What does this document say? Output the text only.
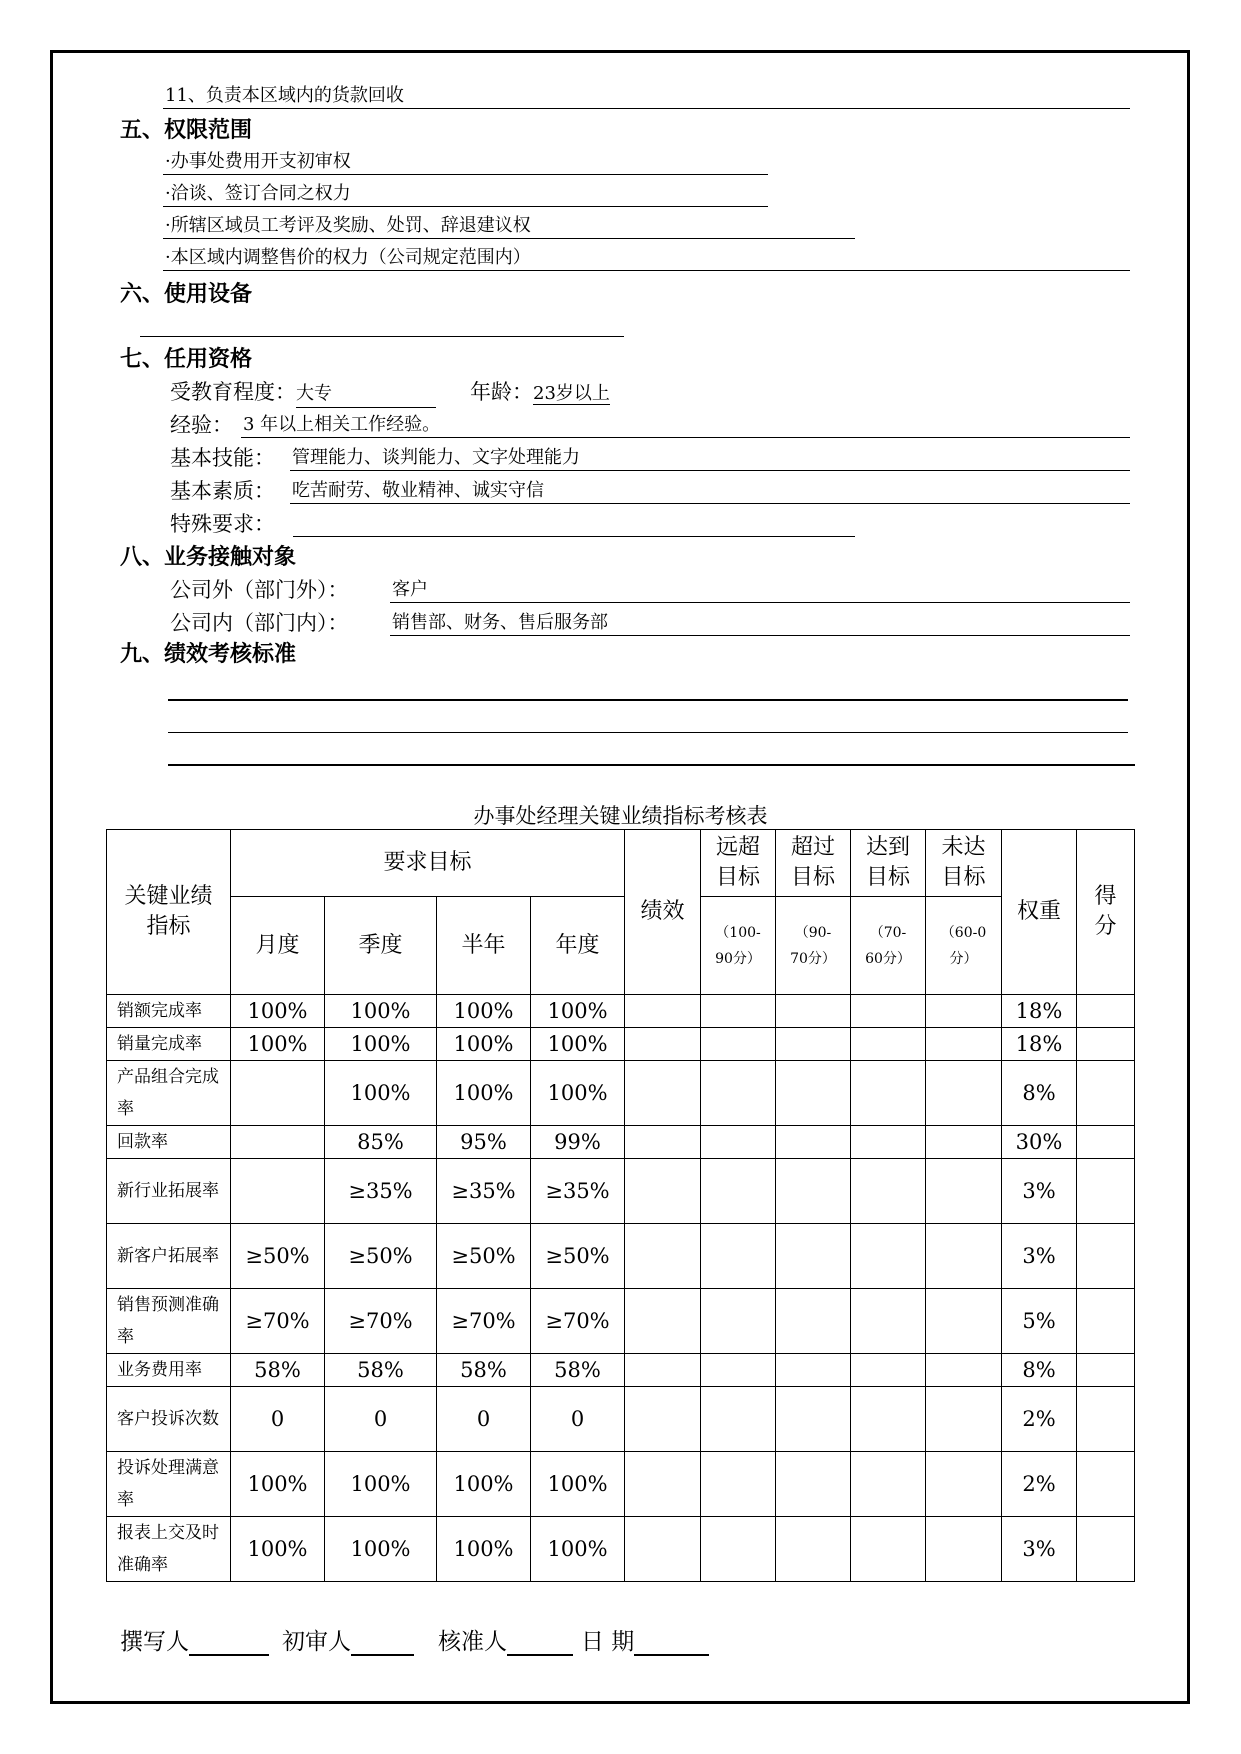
11、负责本区域内的货款回收
五、权限范围
·办事处费用开支初审权
·洽谈、签订合同之权力
·所辖区域员工考评及奖励、处罚、辞退建议权
·本区域内调整售价的权力（公司规定范围内）
六、使用设备
七、任用资格
受教育程度：大专	年龄：23岁以上
经验： 3 年以上相关工作经验。
基本技能： 管理能力、谈判能力、文字处理能力
基本素质： 吃苦耐劳、敬业精神、诚实守信
特殊要求：
八、业务接触对象
公司外（部门外）： 客户
公司内（部门内）： 销售部、财务、售后服务部
九、绩效考核标准
办事处经理关键业绩指标考核表
关键业绩指标	要求目标				绩效	远超目标	超过目标	达到目标	未达目标	权重	得分
	月度	季度	半年	年度		（100-90分）	（90-70分）	（70-60分）	（60-0分）		
销额完成率	100%	100%	100%	100%						18%	
销量完成率	100%	100%	100%	100%						18%	
产品组合完成率		100%	100%	100%						8%	
回款率		85%	95%	99%						30%	
新行业拓展率		≥35%	≥35%	≥35%						3%	
新客户拓展率	≥50%	≥50%	≥50%	≥50%						3%	
销售预测准确率	≥70%	≥70%	≥70%	≥70%						5%	
业务费用率	58%	58%	58%	58%						8%	
客户投诉次数	0	0	0	0						2%	
投诉处理满意率	100%	100%	100%	100%						2%	
报表上交及时准确率	100%	100%	100%	100%						3%	
撰写人	初审人	核准人	日 期
